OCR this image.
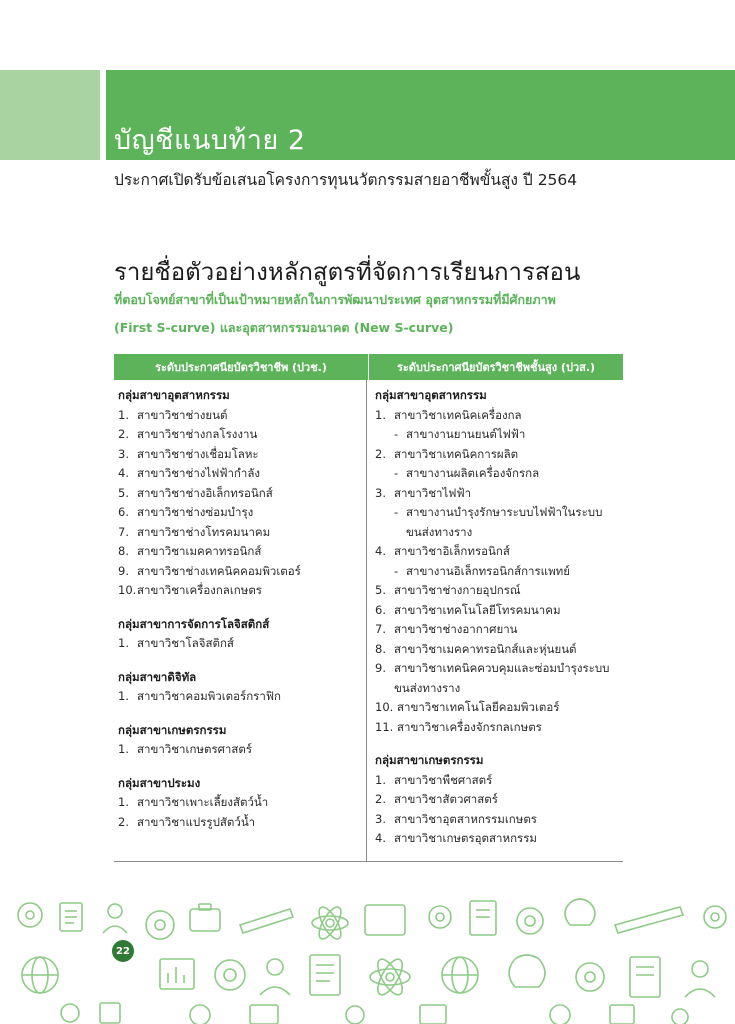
บัญชีแนบท้าย 2

ประกาศเปิดรับข้อเสนอโครงการทุนนวัตกรรมสายอาชีพขั้นสูง ปี 2564

รายชื่อตัวอย่างหลักสูตรที่จัดการเรียนการสอน
ที่ตอบโจทย์สาขาที่เป็นเป้าหมายหลักในการพัฒนาประเทศ อุตสาหกรรมที่มีศักยภาพ
(First S-curve) และอุตสาหกรรมอนาคต (New S-curve)
ระดับประกาศนียบัตรวิชาชีพ (ปวช.)	ระดับประกาศนียบัตรวิชาชีพชั้นสูง (ปวส.)
กลุ่มสาขาอุตสาหกรรม
1. สาขาวิชาช่างยนต์
2. สาขาวิชาช่างกลโรงงาน
3. สาขาวิชาช่างเชื่อมโลหะ
4. สาขาวิชาช่างไฟฟ้ากำลัง
5. สาขาวิชาช่างอิเล็กทรอนิกส์
6. สาขาวิชาช่างซ่อมบำรุง
7. สาขาวิชาช่างโทรคมนาคม
8. สาขาวิชาเมคคาทรอนิกส์
9. สาขาวิชาช่างเทคนิคคอมพิวเตอร์
10. สาขาวิชาเครื่องกลเกษตร
กลุ่มสาขาการจัดการโลจิสติกส์
1. สาขาวิชาโลจิสติกส์
กลุ่มสาขาดิจิทัล
1. สาขาวิชาคอมพิวเตอร์กราฟิก
กลุ่มสาขาเกษตรกรรม
1. สาขาวิชาเกษตรศาสตร์
กลุ่มสาขาประมง
1. สาขาวิชาเพาะเลี้ยงสัตว์น้ำ
2. สาขาวิชาแปรรูปสัตว์น้ำ
กลุ่มสาขาอุตสาหกรรม
1. สาขาวิชาเทคนิคเครื่องกล
- สาขางานยานยนต์ไฟฟ้า
2. สาขาวิชาเทคนิคการผลิต
- สาขางานผลิตเครื่องจักรกล
3. สาขาวิชาไฟฟ้า
- สาขางานบำรุงรักษาระบบไฟฟ้าในระบบ
ขนส่งทางราง
4. สาขาวิชาอิเล็กทรอนิกส์
- สาขางานอิเล็กทรอนิกส์การแพทย์
5. สาขาวิชาช่างกายอุปกรณ์
6. สาขาวิชาเทคโนโลยีโทรคมนาคม
7. สาขาวิชาช่างอากาศยาน
8. สาขาวิชาเมคคาทรอนิกส์และหุ่นยนต์
9. สาขาวิชาเทคนิคควบคุมและซ่อมบำรุงระบบ
ขนส่งทางราง
10. สาขาวิชาเทคโนโลยีคอมพิวเตอร์
11. สาขาวิชาเครื่องจักรกลเกษตร
กลุ่มสาขาเกษตรกรรม
1. สาขาวิชาพืชศาสตร์
2. สาขาวิชาสัตวศาสตร์
3. สาขาวิชาอุตสาหกรรมเกษตร
4. สาขาวิชาเกษตรอุตสาหกรรม
22
